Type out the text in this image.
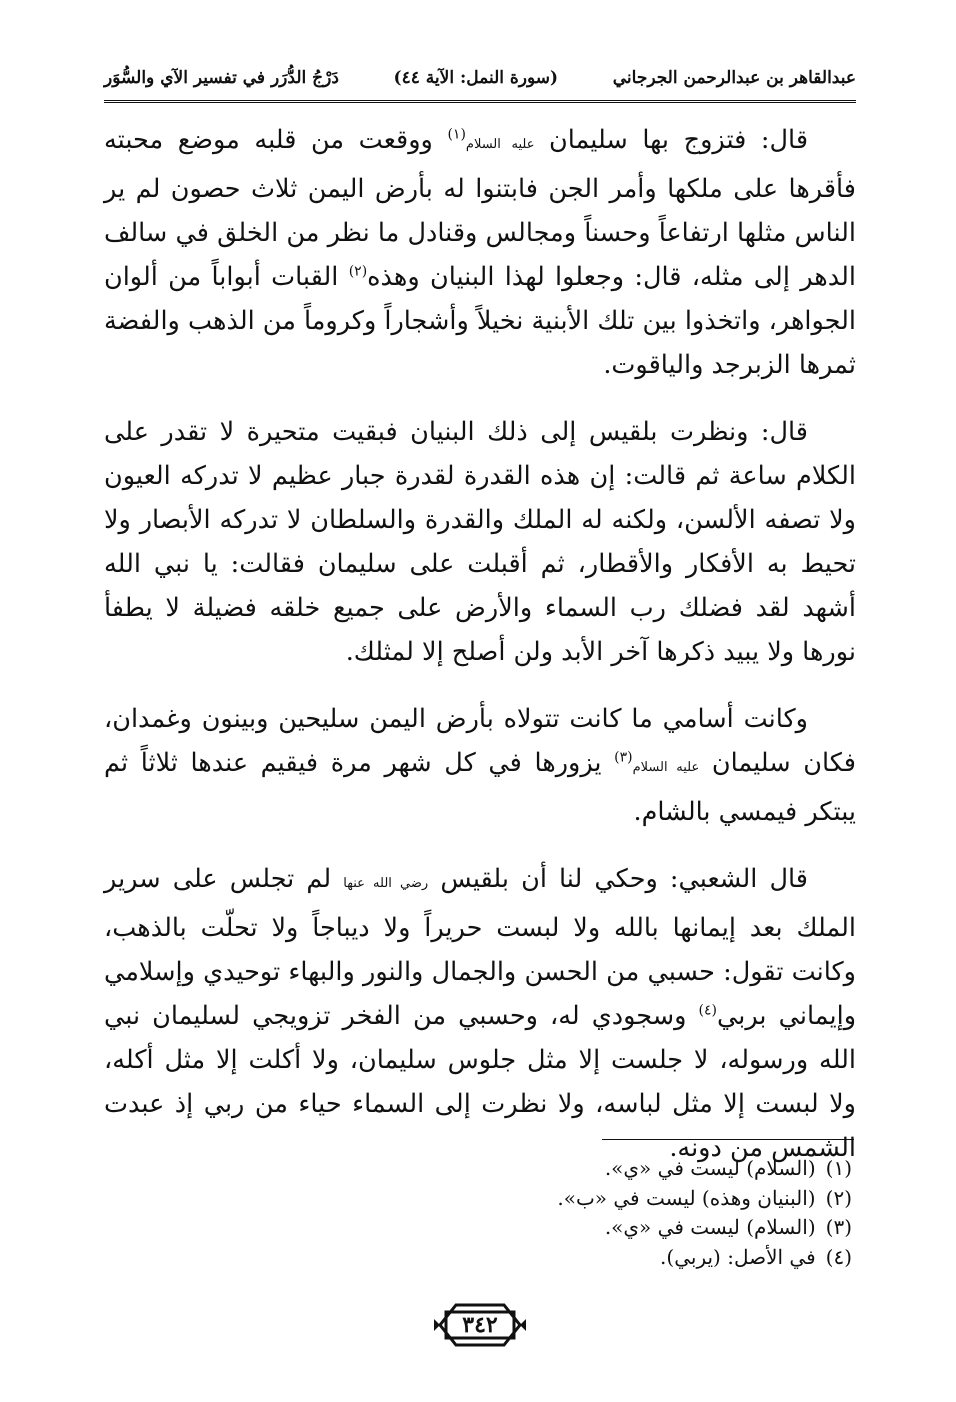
عبدالقاهر بن عبدالرحمن الجرجاني
(سورة النمل: الآية ٤٤)
دَرْجُ الدُّرَر في تفسير الآي والسُّوَر

قال: فتزوج بها سليمان عليه السلام$^{(١)}$ ووقعت من قلبه موضع محبته فأقرها على ملكها وأمر الجن فابتنوا له بأرض اليمن ثلاث حصون لم ير الناس مثلها ارتفاعاً وحسناً ومجالس وقنادل ما نظر من الخلق في سالف الدهر إلى مثله، قال: وجعلوا لهذا البنيان وهذه$^{(٢)}$ القبات أبواباً من ألوان الجواهر، واتخذوا بين تلك الأبنية نخيلاً وأشجاراً وكروماً من الذهب والفضة ثمرها الزبرجد والياقوت.

قال: ونظرت بلقيس إلى ذلك البنيان فبقيت متحيرة لا تقدر على الكلام ساعة ثم قالت: إن هذه القدرة لقدرة جبار عظيم لا تدركه العيون ولا تصفه الألسن، ولكنه له الملك والقدرة والسلطان لا تدركه الأبصار ولا تحيط به الأفكار والأقطار، ثم أقبلت على سليمان فقالت: يا نبي الله أشهد لقد فضلك رب السماء والأرض على جميع خلقه فضيلة لا يطفأ نورها ولا يبيد ذكرها آخر الأبد ولن أصلح إلا لمثلك.

وكانت أسامي ما كانت تتولاه بأرض اليمن سليحين وبينون وغمدان، فكان سليمان عليه السلام$^{(٣)}$ يزورها في كل شهر مرة فيقيم عندها ثلاثاً ثم يبتكر فيمسي بالشام.

قال الشعبي: وحكي لنا أن بلقيس رضي الله عنها لم تجلس على سرير الملك بعد إيمانها بالله ولا لبست حريراً ولا ديباجاً ولا تحلّت بالذهب، وكانت تقول: حسبي من الحسن والجمال والنور والبهاء توحيدي وإسلامي وإيماني بربي$^{(٤)}$ وسجودي له، وحسبي من الفخر تزويجي لسليمان نبي الله ورسوله، لا جلست إلا مثل جلوس سليمان، ولا أكلت إلا مثل أكله، ولا لبست إلا مثل لباسه، ولا نظرت إلى السماء حياء من ربي إذ عبدت الشمس من دونه.

(١)(السلام) ليست في «ي».
(٢)(البنيان وهذه) ليست في «ب».
(٣)(السلام) ليست في «ي».
(٤)في الأصل: (يربي).
٣٤٢
